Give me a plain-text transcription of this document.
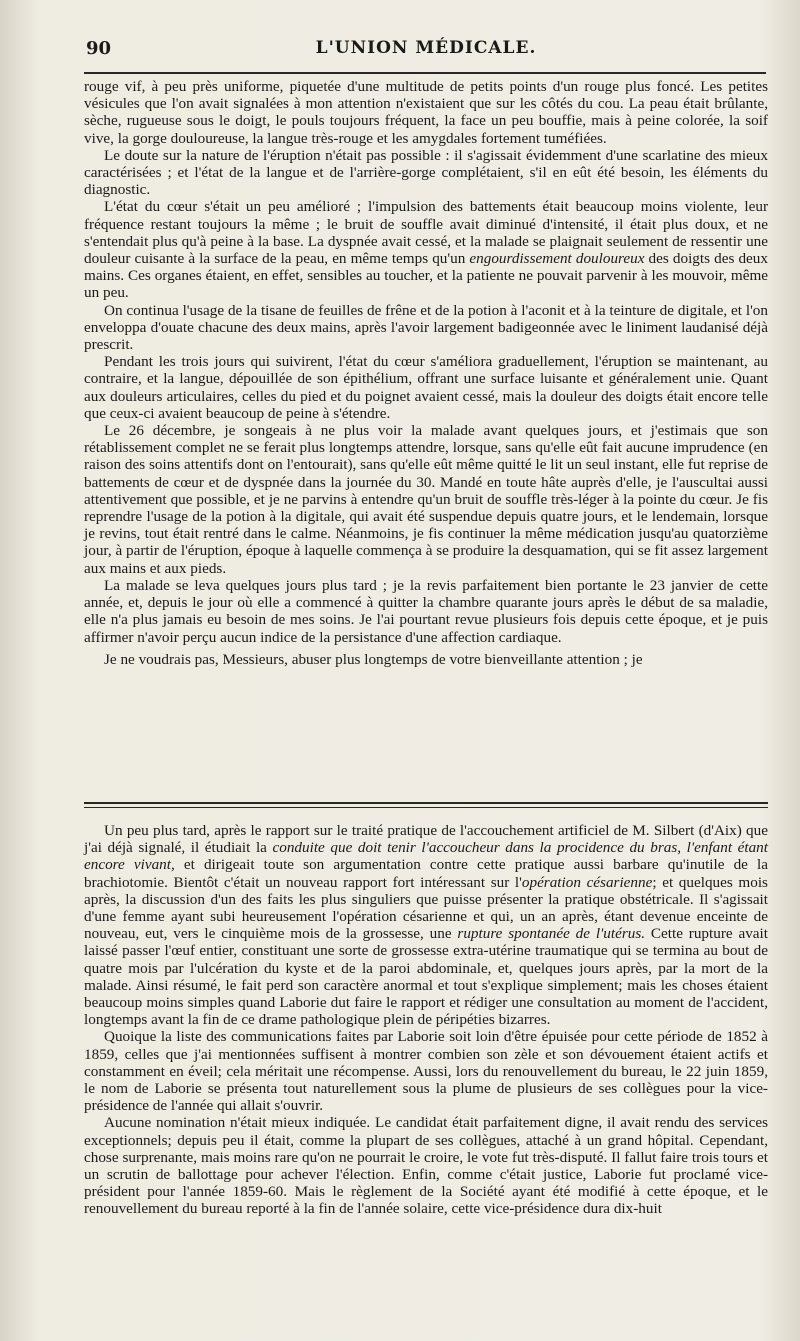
90	L'UNION MÉDICALE.

rouge vif, à peu près uniforme, piquetée d'une multitude de petits points d'un rouge plus foncé. Les petites vésicules que l'on avait signalées à mon attention n'existaient que sur les côtés du cou. La peau était brûlante, sèche, rugueuse sous le doigt, le pouls toujours fréquent, la face un peu bouffie, mais à peine colorée, la soif vive, la gorge douloureuse, la langue très-rouge et les amygdales fortement tuméfiées.

Le doute sur la nature de l'éruption n'était pas possible : il s'agissait évidemment d'une scarlatine des mieux caractérisées ; et l'état de la langue et de l'arrière-gorge complétaient, s'il en eût été besoin, les éléments du diagnostic.

L'état du cœur s'était un peu amélioré ; l'impulsion des battements était beaucoup moins violente, leur fréquence restant toujours la même ; le bruit de souffle avait diminué d'intensité, il était plus doux, et ne s'entendait plus qu'à peine à la base. La dyspnée avait cessé, et la malade se plaignait seulement de ressentir une douleur cuisante à la surface de la peau, en même temps qu'un engourdissement douloureux des doigts des deux mains. Ces organes étaient, en effet, sensibles au toucher, et la patiente ne pouvait parvenir à les mouvoir, même un peu.

On continua l'usage de la tisane de feuilles de frêne et de la potion à l'aconit et à la teinture de digitale, et l'on enveloppa d'ouate chacune des deux mains, après l'avoir largement badigeonnée avec le liniment laudanisé déjà prescrit.

Pendant les trois jours qui suivirent, l'état du cœur s'améliora graduellement, l'éruption se maintenant, au contraire, et la langue, dépouillée de son épithélium, offrant une surface luisante et généralement unie. Quant aux douleurs articulaires, celles du pied et du poignet avaient cessé, mais la douleur des doigts était encore telle que ceux-ci avaient beaucoup de peine à s'étendre.

Le 26 décembre, je songeais à ne plus voir la malade avant quelques jours, et j'estimais que son rétablissement complet ne se ferait plus longtemps attendre, lorsque, sans qu'elle eût fait aucune imprudence (en raison des soins attentifs dont on l'entourait), sans qu'elle eût même quitté le lit un seul instant, elle fut reprise de battements de cœur et de dyspnée dans la journée du 30. Mandé en toute hâte auprès d'elle, je l'auscultai aussi attentivement que possible, et je ne parvins à entendre qu'un bruit de souffle très-léger à la pointe du cœur. Je fis reprendre l'usage de la potion à la digitale, qui avait été suspendue depuis quatre jours, et le lendemain, lorsque je revins, tout était rentré dans le calme. Néanmoins, je fis continuer la même médication jusqu'au quatorzième jour, à partir de l'éruption, époque à laquelle commença à se produire la desquamation, qui se fit assez largement aux mains et aux pieds.

La malade se leva quelques jours plus tard ; je la revis parfaitement bien portante le 23 janvier de cette année, et, depuis le jour où elle a commencé à quitter la chambre quarante jours après le début de sa maladie, elle n'a plus jamais eu besoin de mes soins. Je l'ai pourtant revue plusieurs fois depuis cette époque, et je puis affirmer n'avoir perçu aucun indice de la persistance d'une affection cardiaque.

Je ne voudrais pas, Messieurs, abuser plus longtemps de votre bienveillante attention ; je

Un peu plus tard, après le rapport sur le traité pratique de l'accouchement artificiel de M. Silbert (d'Aix) que j'ai déjà signalé, il étudiait la conduite que doit tenir l'accoucheur dans la procidence du bras, l'enfant étant encore vivant, et dirigeait toute son argumentation contre cette pratique aussi barbare qu'inutile de la brachiotomie. Bientôt c'était un nouveau rapport fort intéressant sur l'opération césarienne; et quelques mois après, la discussion d'un des faits les plus singuliers que puisse présenter la pratique obstétricale. Il s'agissait d'une femme ayant subi heureusement l'opération césarienne et qui, un an après, étant devenue enceinte de nouveau, eut, vers le cinquième mois de la grossesse, une rupture spontanée de l'utérus. Cette rupture avait laissé passer l'œuf entier, constituant une sorte de grossesse extra-utérine traumatique qui se termina au bout de quatre mois par l'ulcération du kyste et de la paroi abdominale, et, quelques jours après, par la mort de la malade. Ainsi résumé, le fait perd son caractère anormal et tout s'explique simplement; mais les choses étaient beaucoup moins simples quand Laborie dut faire le rapport et rédiger une consultation au moment de l'accident, longtemps avant la fin de ce drame pathologique plein de péripéties bizarres.

Quoique la liste des communications faites par Laborie soit loin d'être épuisée pour cette période de 1852 à 1859, celles que j'ai mentionnées suffisent à montrer combien son zèle et son dévouement étaient actifs et constamment en éveil; cela méritait une récompense. Aussi, lors du renouvellement du bureau, le 22 juin 1859, le nom de Laborie se présenta tout naturellement sous la plume de plusieurs de ses collègues pour la vice-présidence de l'année qui allait s'ouvrir.

Aucune nomination n'était mieux indiquée. Le candidat était parfaitement digne, il avait rendu des services exceptionnels; depuis peu il était, comme la plupart de ses collègues, attaché à un grand hôpital. Cependant, chose surprenante, mais moins rare qu'on ne pourrait le croire, le vote fut très-disputé. Il fallut faire trois tours et un scrutin de ballottage pour achever l'élection. Enfin, comme c'était justice, Laborie fut proclamé vice-président pour l'année 1859-60. Mais le règlement de la Société ayant été modifié à cette époque, et le renouvellement du bureau reporté à la fin de l'année solaire, cette vice-présidence dura dix-huit
